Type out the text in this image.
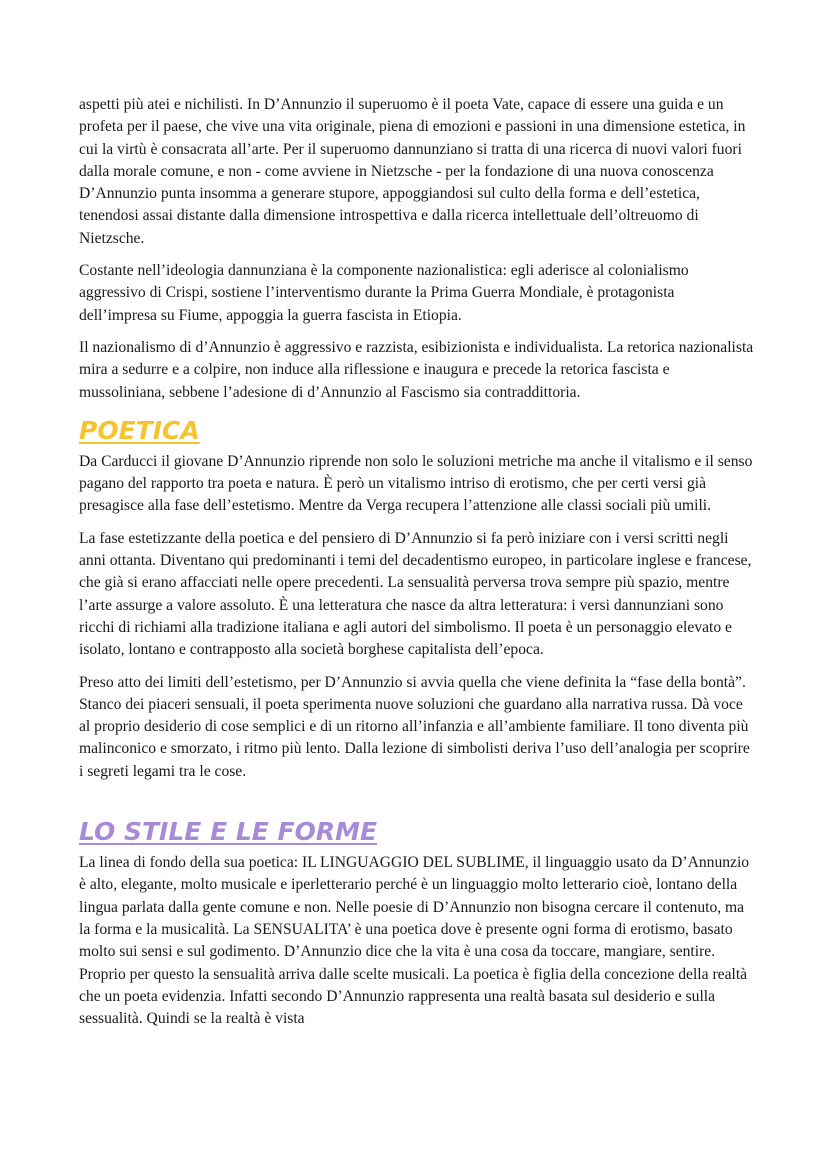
aspetti più atei e nichilisti. In D’Annunzio il superuomo è il poeta Vate, capace di essere una guida e un profeta per il paese, che vive una vita originale, piena di emozioni e passioni in una dimensione estetica, in cui la virtù è consacrata all’arte. Per il superuomo dannunziano si tratta di una ricerca di nuovi valori fuori dalla morale comune, e non - come avviene in Nietzsche - per la fondazione di una nuova conoscenza D’Annunzio punta insomma a generare stupore, appoggiandosi sul culto della forma e dell’estetica, tenendosi assai distante dalla dimensione introspettiva e dalla ricerca intellettuale dell’oltreuomo di Nietzsche.

Costante nell’ideologia dannunziana è la componente nazionalistica: egli aderisce al colonialismo aggressivo di Crispi, sostiene l’interventismo durante la Prima Guerra Mondiale, è protagonista dell’impresa su Fiume, appoggia la guerra fascista in Etiopia.

Il nazionalismo di d’Annunzio è aggressivo e razzista, esibizionista e individualista. La retorica nazionalista mira a sedurre e a colpire, non induce alla riflessione e inaugura e precede la retorica fascista e mussoliniana, sebbene l’adesione di d’Annunzio al Fascismo sia contraddittoria.

POETICA

Da Carducci il giovane D’Annunzio riprende non solo le soluzioni metriche ma anche il vitalismo e il senso pagano del rapporto tra poeta e natura. È però un vitalismo intriso di erotismo, che per certi versi già presagisce alla fase dell’estetismo. Mentre da Verga recupera l’attenzione alle classi sociali più umili.

La fase estetizzante della poetica e del pensiero di D’Annunzio si fa però iniziare con i versi scritti negli anni ottanta. Diventano qui predominanti i temi del decadentismo europeo, in particolare inglese e francese, che già si erano affacciati nelle opere precedenti. La sensualità perversa trova sempre più spazio, mentre l’arte assurge a valore assoluto. È una letteratura che nasce da altra letteratura: i versi dannunziani sono ricchi di richiami alla tradizione italiana e agli autori del simbolismo. Il poeta è un personaggio elevato e isolato, lontano e contrapposto alla società borghese capitalista dell’epoca.

Preso atto dei limiti dell’estetismo, per D’Annunzio si avvia quella che viene definita la “fase della bontà”. Stanco dei piaceri sensuali, il poeta sperimenta nuove soluzioni che guardano alla narrativa russa. Dà voce al proprio desiderio di cose semplici e di un ritorno all’infanzia e all’ambiente familiare. Il tono diventa più malinconico e smorzato, i ritmo più lento. Dalla lezione di simbolisti deriva l’uso dell’analogia per scoprire i segreti legami tra le cose.

LO STILE E LE FORME

La linea di fondo della sua poetica: IL LINGUAGGIO DEL SUBLIME, il linguaggio usato da D’Annunzio è alto, elegante, molto musicale e iperletterario perché è un linguaggio molto letterario cioè, lontano della lingua parlata dalla gente comune e non. Nelle poesie di D’Annunzio non bisogna cercare il contenuto, ma la forma e la musicalità. La SENSUALITA’ è una poetica dove è presente ogni forma di erotismo, basato molto sui sensi e sul godimento. D’Annunzio dice che la vita è una cosa da toccare, mangiare, sentire. Proprio per questo la sensualità arriva dalle scelte musicali. La poetica è figlia della concezione della realtà che un poeta evidenzia. Infatti secondo D’Annunzio rappresenta una realtà basata sul desiderio e sulla sessualità. Quindi se la realtà è vista
